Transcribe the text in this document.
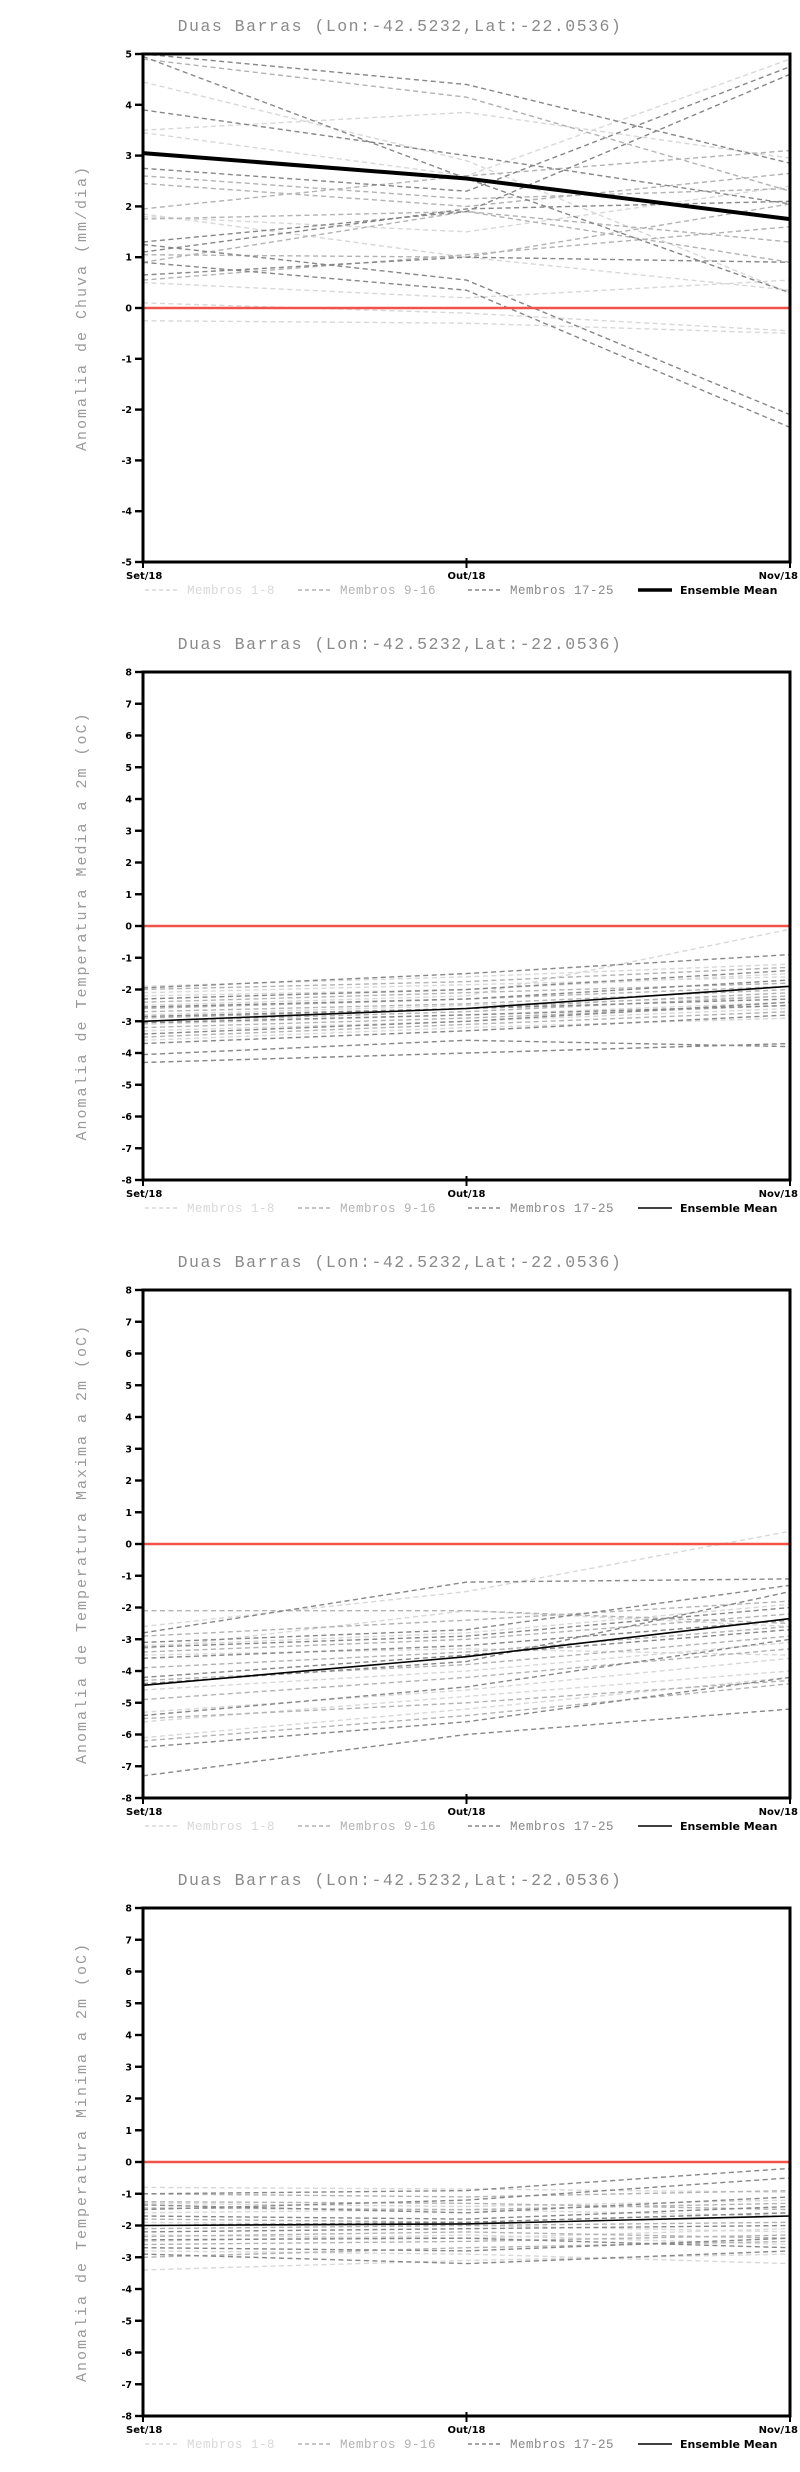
Duas Barras (Lon:-42.5232,Lat:-22.0536)
Anomalia de Chuva (mm/dia)
-5
-4
-3
-2
-1
0
1
2
3
4
5
Set/18	Out/18	Nov/18
Membros 1-8	Membros 9-16	Membros 17-25	Ensemble Mean
Duas Barras (Lon:-42.5232,Lat:-22.0536)
Anomalia de Temperatura Media a 2m (oC)
-8
-7
-6
-5
-4
-3
-2
-1
0
1
2
3
4
5
6
7
8
Set/18	Out/18	Nov/18
Membros 1-8	Membros 9-16	Membros 17-25	Ensemble Mean
Duas Barras (Lon:-42.5232,Lat:-22.0536)
Anomalia de Temperatura Maxima a 2m (oC)
-8
-7
-6
-5
-4
-3
-2
-1
0
1
2
3
4
5
6
7
8
Set/18	Out/18	Nov/18
Membros 1-8	Membros 9-16	Membros 17-25	Ensemble Mean
Duas Barras (Lon:-42.5232,Lat:-22.0536)
Anomalia de Temperatura Minima a 2m (oC)
-8
-7
-6
-5
-4
-3
-2
-1
0
1
2
3
4
5
6
7
8
Set/18	Out/18	Nov/18
Membros 1-8	Membros 9-16	Membros 17-25	Ensemble Mean
